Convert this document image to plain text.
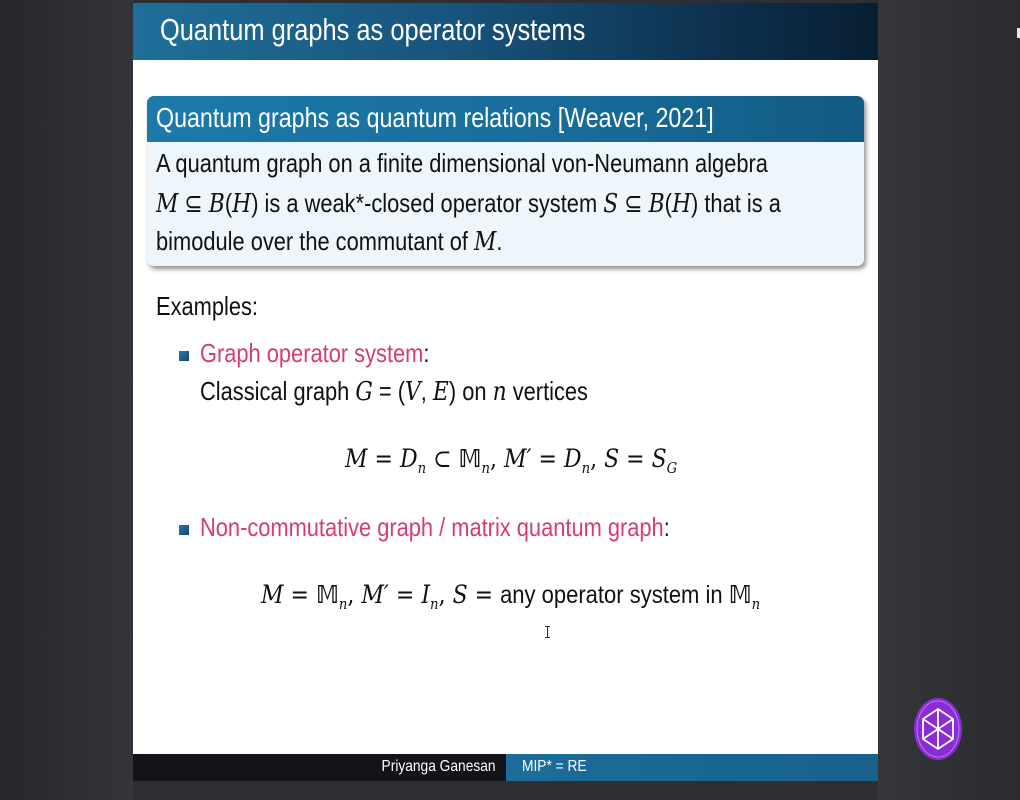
Quantum graphs as operator systems
Quantum graphs as quantum relations [Weaver, 2021]
A quantum graph on a finite dimensional von-Neumann algebra
M ⊆ B(H) is a weak*-closed operator system S ⊆ B(H) that is a
bimodule over the commutant of M.
Examples:
Graph operator system:
Classical graph G = (V, E) on n vertices
$M = D_n$ ⊂ 𝕄$_n$, $M' = D_n$, $S = S_G$
Non-commutative graph / matrix quantum graph:
M = 𝕄$_n$, $M' = I_n$, S = any operator system in 𝕄$_n$
Priyanga Ganesan MIP* = RE
